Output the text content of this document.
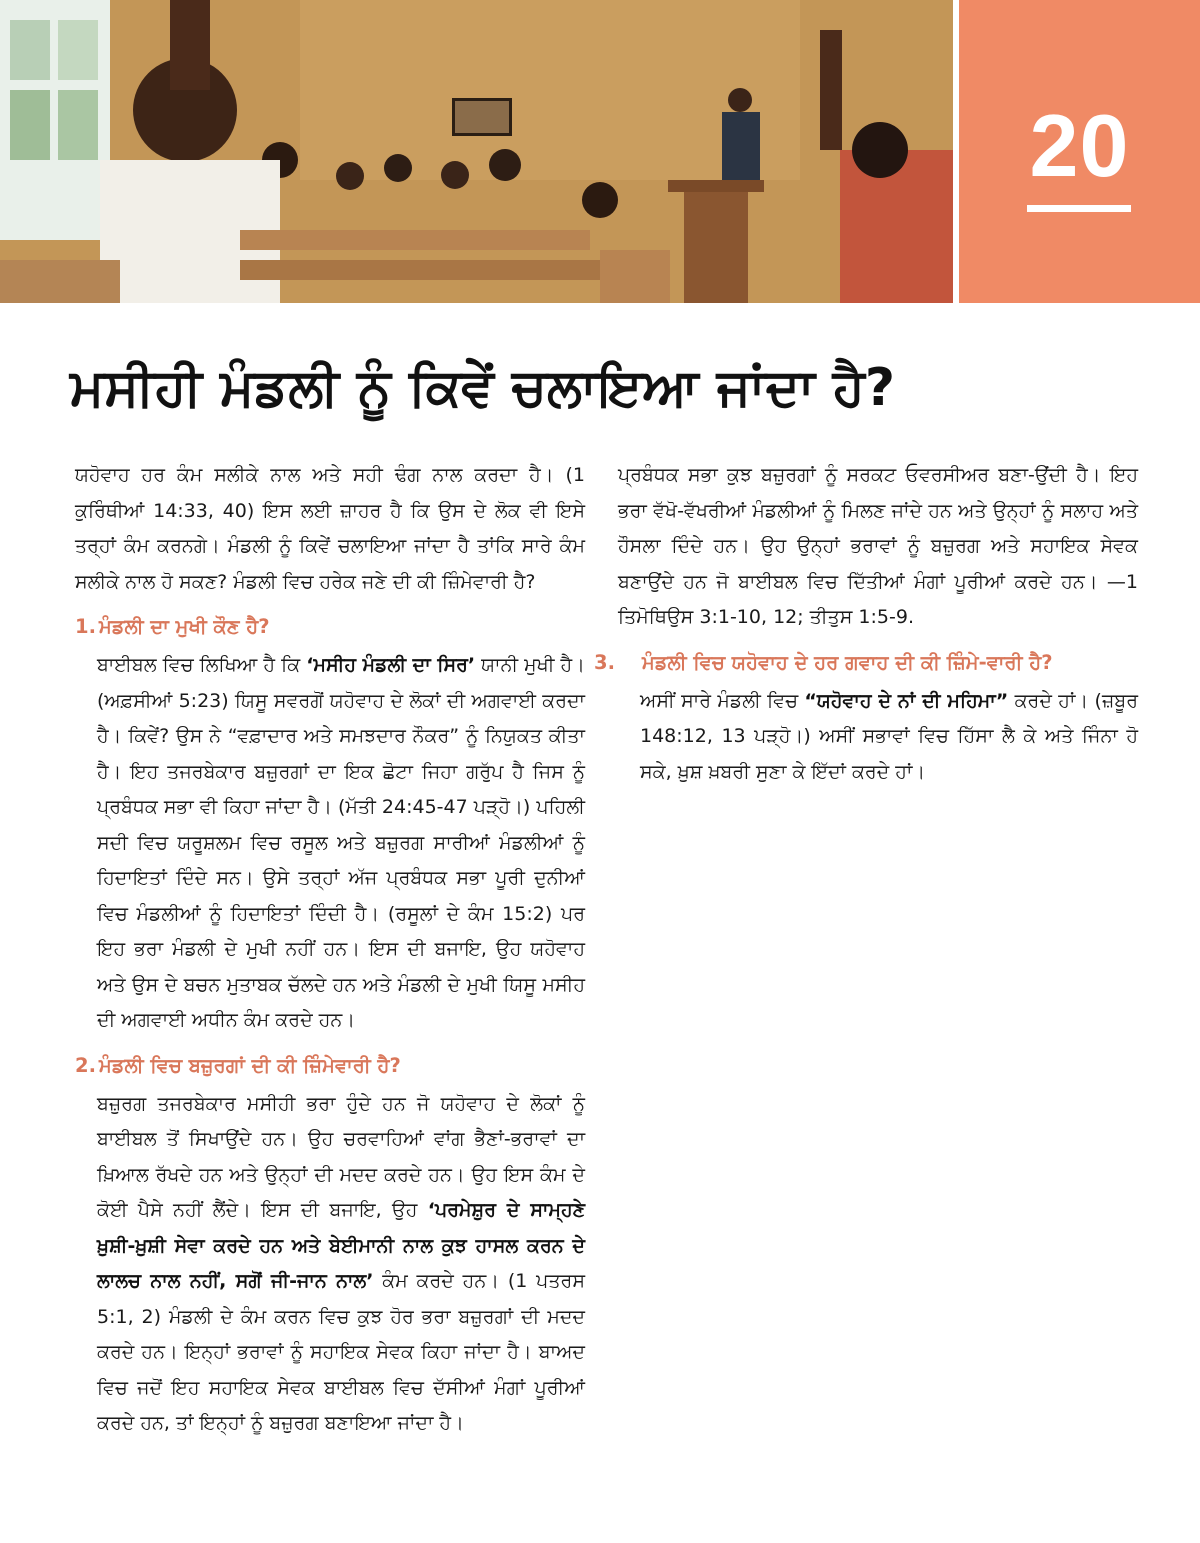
20
ਮਸੀਹੀ ਮੰਡਲੀ ਨੂੰ ਕਿਵੇਂ ਚਲਾਇਆ ਜਾਂਦਾ ਹੈ?

ਯਹੋਵਾਹ ਹਰ ਕੰਮ ਸਲੀਕੇ ਨਾਲ ਅਤੇ ਸਹੀ ਢੰਗ ਨਾਲ ਕਰਦਾ ਹੈ। (1 ਕੁਰਿੰਥੀਆਂ 14:33, 40) ਇਸ ਲਈ ਜ਼ਾਹਰ ਹੈ ਕਿ ਉਸ ਦੇ ਲੋਕ ਵੀ ਇਸੇ ਤਰ੍ਹਾਂ ਕੰਮ ਕਰਨਗੇ। ਮੰਡਲੀ ਨੂੰ ਕਿਵੇਂ ਚਲਾਇਆ ਜਾਂਦਾ ਹੈ ਤਾਂਕਿ ਸਾਰੇ ਕੰਮ ਸਲੀਕੇ ਨਾਲ ਹੋ ਸਕਣ? ਮੰਡਲੀ ਵਿਚ ਹਰੇਕ ਜਣੇ ਦੀ ਕੀ ਜ਼ਿੰਮੇਵਾਰੀ ਹੈ?

1. ਮੰਡਲੀ ਦਾ ਮੁਖੀ ਕੌਣ ਹੈ?

ਬਾਈਬਲ ਵਿਚ ਲਿਖਿਆ ਹੈ ਕਿ ‘ਮਸੀਹ ਮੰਡਲੀ ਦਾ ਸਿਰ’ ਯਾਨੀ ਮੁਖੀ ਹੈ। (ਅਫ਼ਸੀਆਂ 5:23) ਯਿਸੂ ਸਵਰਗੋਂ ਯਹੋਵਾਹ ਦੇ ਲੋਕਾਂ ਦੀ ਅਗਵਾਈ ਕਰਦਾ ਹੈ। ਕਿਵੇਂ? ਉਸ ਨੇ “ਵਫ਼ਾਦਾਰ ਅਤੇ ਸਮਝਦਾਰ ਨੌਕਰ” ਨੂੰ ਨਿਯੁਕਤ ਕੀਤਾ ਹੈ। ਇਹ ਤਜਰਬੇਕਾਰ ਬਜ਼ੁਰਗਾਂ ਦਾ ਇਕ ਛੋਟਾ ਜਿਹਾ ਗਰੁੱਪ ਹੈ ਜਿਸ ਨੂੰ ਪ੍ਰਬੰਧਕ ਸਭਾ ਵੀ ਕਿਹਾ ਜਾਂਦਾ ਹੈ। (ਮੱਤੀ 24:45-47 ਪੜ੍ਹੋ।) ਪਹਿਲੀ ਸਦੀ ਵਿਚ ਯਰੂਸ਼ਲਮ ਵਿਚ ਰਸੂਲ ਅਤੇ ਬਜ਼ੁਰਗ ਸਾਰੀਆਂ ਮੰਡਲੀਆਂ ਨੂੰ ਹਿਦਾਇਤਾਂ ਦਿੰਦੇ ਸਨ। ਉਸੇ ਤਰ੍ਹਾਂ ਅੱਜ ਪ੍ਰਬੰਧਕ ਸਭਾ ਪੂਰੀ ਦੁਨੀਆਂ ਵਿਚ ਮੰਡਲੀਆਂ ਨੂੰ ਹਿਦਾਇਤਾਂ ਦਿੰਦੀ ਹੈ। (ਰਸੂਲਾਂ ਦੇ ਕੰਮ 15:2) ਪਰ ਇਹ ਭਰਾ ਮੰਡਲੀ ਦੇ ਮੁਖੀ ਨਹੀਂ ਹਨ। ਇਸ ਦੀ ਬਜਾਇ, ਉਹ ਯਹੋਵਾਹ ਅਤੇ ਉਸ ਦੇ ਬਚਨ ਮੁਤਾਬਕ ਚੱਲਦੇ ਹਨ ਅਤੇ ਮੰਡਲੀ ਦੇ ਮੁਖੀ ਯਿਸੂ ਮਸੀਹ ਦੀ ਅਗਵਾਈ ਅਧੀਨ ਕੰਮ ਕਰਦੇ ਹਨ।

2. ਮੰਡਲੀ ਵਿਚ ਬਜ਼ੁਰਗਾਂ ਦੀ ਕੀ ਜ਼ਿੰਮੇਵਾਰੀ ਹੈ?

ਬਜ਼ੁਰਗ ਤਜਰਬੇਕਾਰ ਮਸੀਹੀ ਭਰਾ ਹੁੰਦੇ ਹਨ ਜੋ ਯਹੋਵਾਹ ਦੇ ਲੋਕਾਂ ਨੂੰ ਬਾਈਬਲ ਤੋਂ ਸਿਖਾਉਂਦੇ ਹਨ। ਉਹ ਚਰਵਾਹਿਆਂ ਵਾਂਗ ਭੈਣਾਂ-ਭਰਾਵਾਂ ਦਾ ਖ਼ਿਆਲ ਰੱਖਦੇ ਹਨ ਅਤੇ ਉਨ੍ਹਾਂ ਦੀ ਮਦਦ ਕਰਦੇ ਹਨ। ਉਹ ਇਸ ਕੰਮ ਦੇ ਕੋਈ ਪੈਸੇ ਨਹੀਂ ਲੈਂਦੇ। ਇਸ ਦੀ ਬਜਾਇ, ਉਹ ‘ਪਰਮੇਸ਼ੁਰ ਦੇ ਸਾਮ੍ਹਣੇ ਖ਼ੁਸ਼ੀ-ਖ਼ੁਸ਼ੀ ਸੇਵਾ ਕਰਦੇ ਹਨ ਅਤੇ ਬੇਈਮਾਨੀ ਨਾਲ ਕੁਝ ਹਾਸਲ ਕਰਨ ਦੇ ਲਾਲਚ ਨਾਲ ਨਹੀਂ, ਸਗੋਂ ਜੀ-ਜਾਨ ਨਾਲ’ ਕੰਮ ਕਰਦੇ ਹਨ। (1 ਪਤਰਸ 5:1, 2) ਮੰਡਲੀ ਦੇ ਕੰਮ ਕਰਨ ਵਿਚ ਕੁਝ ਹੋਰ ਭਰਾ ਬਜ਼ੁਰਗਾਂ ਦੀ ਮਦਦ ਕਰਦੇ ਹਨ। ਇਨ੍ਹਾਂ ਭਰਾਵਾਂ ਨੂੰ ਸਹਾਇਕ ਸੇਵਕ ਕਿਹਾ ਜਾਂਦਾ ਹੈ। ਬਾਅਦ ਵਿਚ ਜਦੋਂ ਇਹ ਸਹਾਇਕ ਸੇਵਕ ਬਾਈਬਲ ਵਿਚ ਦੱਸੀਆਂ ਮੰਗਾਂ ਪੂਰੀਆਂ ਕਰਦੇ ਹਨ, ਤਾਂ ਇਨ੍ਹਾਂ ਨੂੰ ਬਜ਼ੁਰਗ ਬਣਾਇਆ ਜਾਂਦਾ ਹੈ।

ਪ੍ਰਬੰਧਕ ਸਭਾ ਕੁਝ ਬਜ਼ੁਰਗਾਂ ਨੂੰ ਸਰਕਟ ਓਵਰਸੀਅਰ ਬਣਾ-ਉਂਦੀ ਹੈ। ਇਹ ਭਰਾ ਵੱਖੋ-ਵੱਖਰੀਆਂ ਮੰਡਲੀਆਂ ਨੂੰ ਮਿਲਣ ਜਾਂਦੇ ਹਨ ਅਤੇ ਉਨ੍ਹਾਂ ਨੂੰ ਸਲਾਹ ਅਤੇ ਹੌਸਲਾ ਦਿੰਦੇ ਹਨ। ਉਹ ਉਨ੍ਹਾਂ ਭਰਾਵਾਂ ਨੂੰ ਬਜ਼ੁਰਗ ਅਤੇ ਸਹਾਇਕ ਸੇਵਕ ਬਣਾਉਂਦੇ ਹਨ ਜੋ ਬਾਈਬਲ ਵਿਚ ਦਿੱਤੀਆਂ ਮੰਗਾਂ ਪੂਰੀਆਂ ਕਰਦੇ ਹਨ। —1 ਤਿਮੋਥਿਉਸ 3:1-10, 12; ਤੀਤੁਸ 1:5-9.

3. ਮੰਡਲੀ ਵਿਚ ਯਹੋਵਾਹ ਦੇ ਹਰ ਗਵਾਹ ਦੀ ਕੀ ਜ਼ਿੰਮੇ-ਵਾਰੀ ਹੈ?

ਅਸੀਂ ਸਾਰੇ ਮੰਡਲੀ ਵਿਚ “ਯਹੋਵਾਹ ਦੇ ਨਾਂ ਦੀ ਮਹਿਮਾ” ਕਰਦੇ ਹਾਂ। (ਜ਼ਬੂਰ 148:12, 13 ਪੜ੍ਹੋ।) ਅਸੀਂ ਸਭਾਵਾਂ ਵਿਚ ਹਿੱਸਾ ਲੈ ਕੇ ਅਤੇ ਜਿੰਨਾ ਹੋ ਸਕੇ, ਖ਼ੁਸ਼ ਖ਼ਬਰੀ ਸੁਣਾ ਕੇ ਇੱਦਾਂ ਕਰਦੇ ਹਾਂ।
